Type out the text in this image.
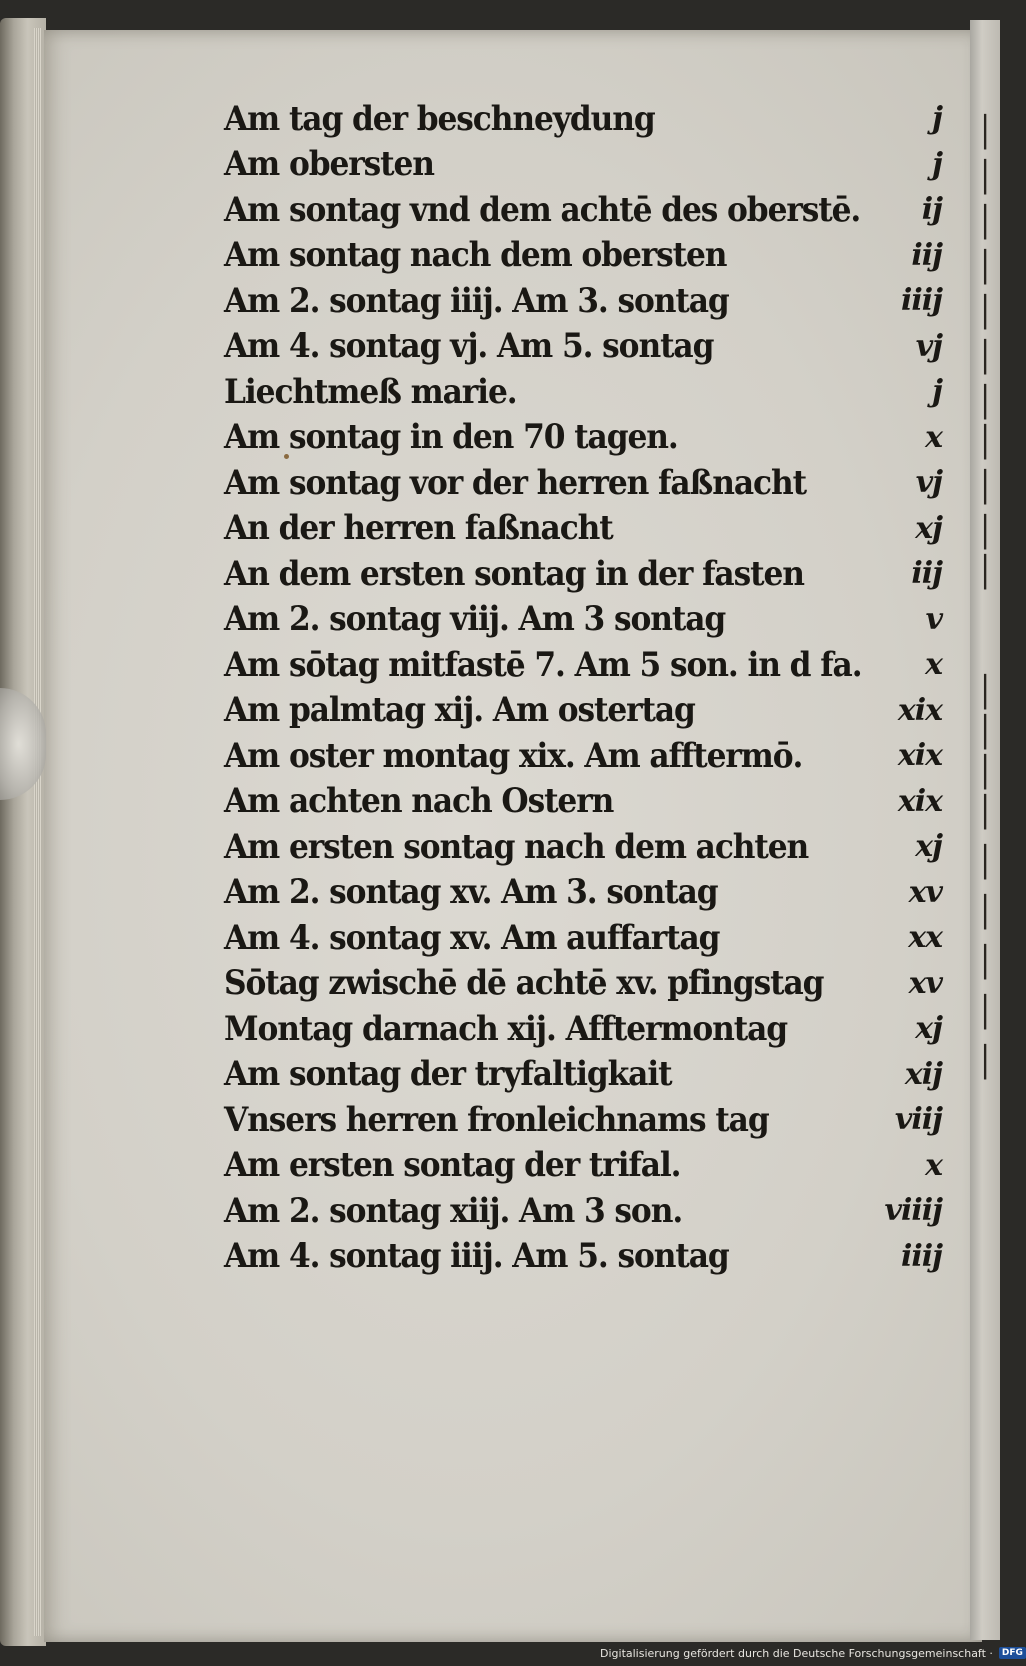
│
│
│
│
│
│
│
│
│
│
│
│
│
│
│
│
│
│
│
│
Am tag der beschneydung	j
Am obersten	j
Am sontag vnd dem achtē des oberstē. ij
Am sontag nach dem obersten	iij
Am 2. sontag iiij. Am 3. sontag	iiij
Am 4. sontag vj. Am 5. sontag	vj
Liechtmeß marie.	j
Am sontag in den 70 tagen.	x
Am sontag vor der herren faßnacht	vj
An der herren faßnacht	xj
An dem ersten sontag in der fasten	iij
Am 2. sontag viij. Am 3 sontag	v
Am sōtag mitfastē 7. Am 5 son. in d fa. x
Am palmtag xij. Am ostertag	xix
Am oster montag xix. Am afftermō.	xix
Am achten nach Ostern	xix
Am ersten sontag nach dem achten	xj
Am 2. sontag xv. Am 3. sontag	xv
Am 4. sontag xv. Am auffartag	xx
Sōtag zwischē dē achtē xv. pfingstag	xv
Montag darnach xij. Afftermontag	xj
Am sontag der tryfaltigkait	xij
Vnsers herren fronleichnams tag	viij
Am ersten sontag der trifal.	x
Am 2. sontag xiij. Am 3 son.	viiij
Am 4. sontag iiij. Am 5. sontag	iiij
Digitalisierung gefördert durch die Deutsche Forschungsgemeinschaft ·	DFG
